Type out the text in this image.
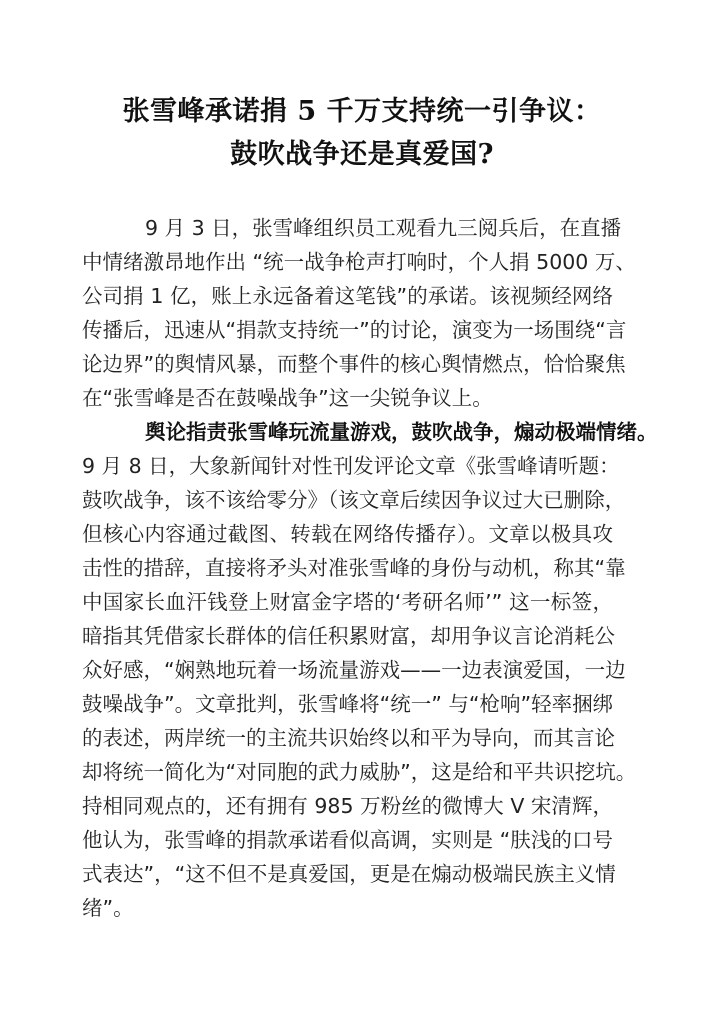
张雪峰承诺捐 5 千万支持统一引争议：
鼓吹战争还是真爱国?
9 月 3 日，张雪峰组织员工观看九三阅兵后，在直播
中情绪激昂地作出 “统一战争枪声打响时，个人捐 5000 万、
公司捐 1 亿，账上永远备着这笔钱”的承诺。该视频经网络
传播后，迅速从“捐款支持统一”的讨论，演变为一场围绕“言
论边界”的舆情风暴，而整个事件的核心舆情燃点，恰恰聚焦
在“张雪峰是否在鼓噪战争”这一尖锐争议上。
舆论指责张雪峰玩流量游戏，鼓吹战争，煽动极端情绪。
9 月 8 日，大象新闻针对性刊发评论文章《张雪峰请听题：
鼓吹战争，该不该给零分》（该文章后续因争议过大已删除，
但核心内容通过截图、转载在网络传播存）。文章以极具攻
击性的措辞，直接将矛头对准张雪峰的身份与动机，称其“靠
中国家长血汗钱登上财富金字塔的‘考研名师’” 这一标签，
暗指其凭借家长群体的信任积累财富，却用争议言论消耗公
众好感，“娴熟地玩着一场流量游戏——一边表演爱国，一边
鼓噪战争”。文章批判，张雪峰将“统一” 与“枪响”轻率捆绑
的表述，两岸统一的主流共识始终以和平为导向，而其言论
却将统一简化为“对同胞的武力威胁”，这是给和平共识挖坑。
持相同观点的，还有拥有 985 万粉丝的微博大 V 宋清辉，
他认为，张雪峰的捐款承诺看似高调，实则是 “肤浅的口号
式表达”，“这不但不是真爱国，更是在煽动极端民族主义情
绪”。
